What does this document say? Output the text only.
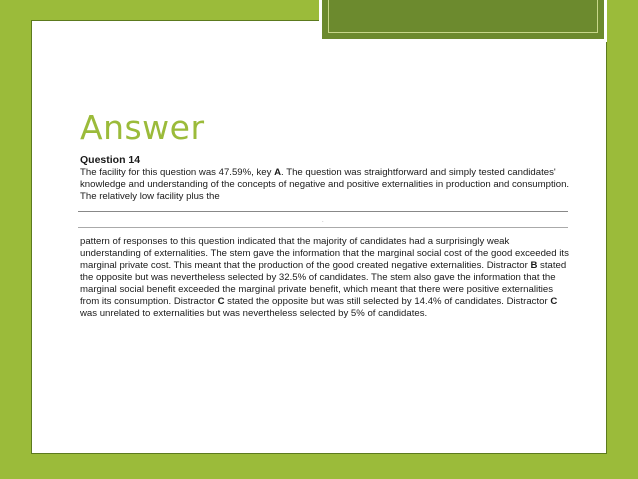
Answer
Question 14

The facility for this question was 47.59%, key A. The question was straightforward and simply tested candidates' knowledge and understanding of the concepts of negative and positive externalities in production and consumption. The relatively low facility plus the

.

pattern of responses to this question indicated that the majority of candidates had a surprisingly weak understanding of externalities. The stem gave the information that the marginal social cost of the good exceeded its marginal private cost. This meant that the production of the good created negative externalities. Distractor B stated the opposite but was nevertheless selected by 32.5% of candidates. The stem also gave the information that the marginal social benefit exceeded the marginal private benefit, which meant that there were positive externalities from its consumption. Distractor C stated the opposite but was still selected by 14.4% of candidates. Distractor C was unrelated to externalities but was nevertheless selected by 5% of candidates.
